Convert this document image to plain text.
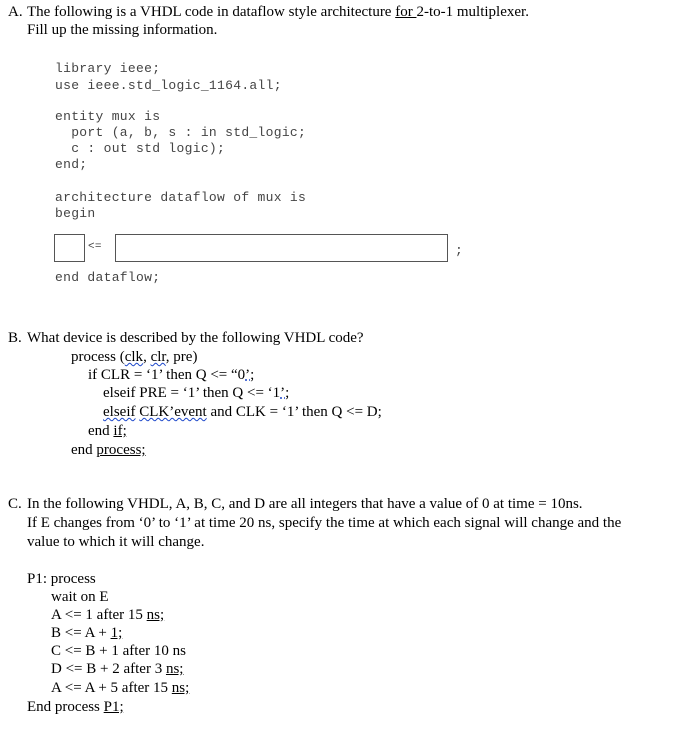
A. The following is a VHDL code in dataflow style architecture for 2-to-1 multiplexer.
Fill up the missing information.
library ieee;
use ieee.std_logic_1164.all;
entity mux is
port (a, b, s : in std_logic;
c : out std logic);
end;
architecture dataflow of mux is
begin
<=	;
end dataflow;
B. What device is described by the following VHDL code?
process (clk, clr, pre)
if CLR = ‘1’ then Q <= “0’;
elseif PRE = ‘1’ then Q <= ‘1’;
elseif CLK’event and CLK = ‘1’ then Q <= D;
end if;
end process;
C. In the following VHDL, A, B, C, and D are all integers that have a value of 0 at time = 10ns.
If E changes from ‘0’ to ‘1’ at time 20 ns, specify the time at which each signal will change and the
value to which it will change.
P1: process
wait on E
A <= 1 after 15 ns;
B <= A + 1;
C <= B + 1 after 10 ns
D <= B + 2 after 3 ns;
A <= A + 5 after 15 ns;
End process P1;
